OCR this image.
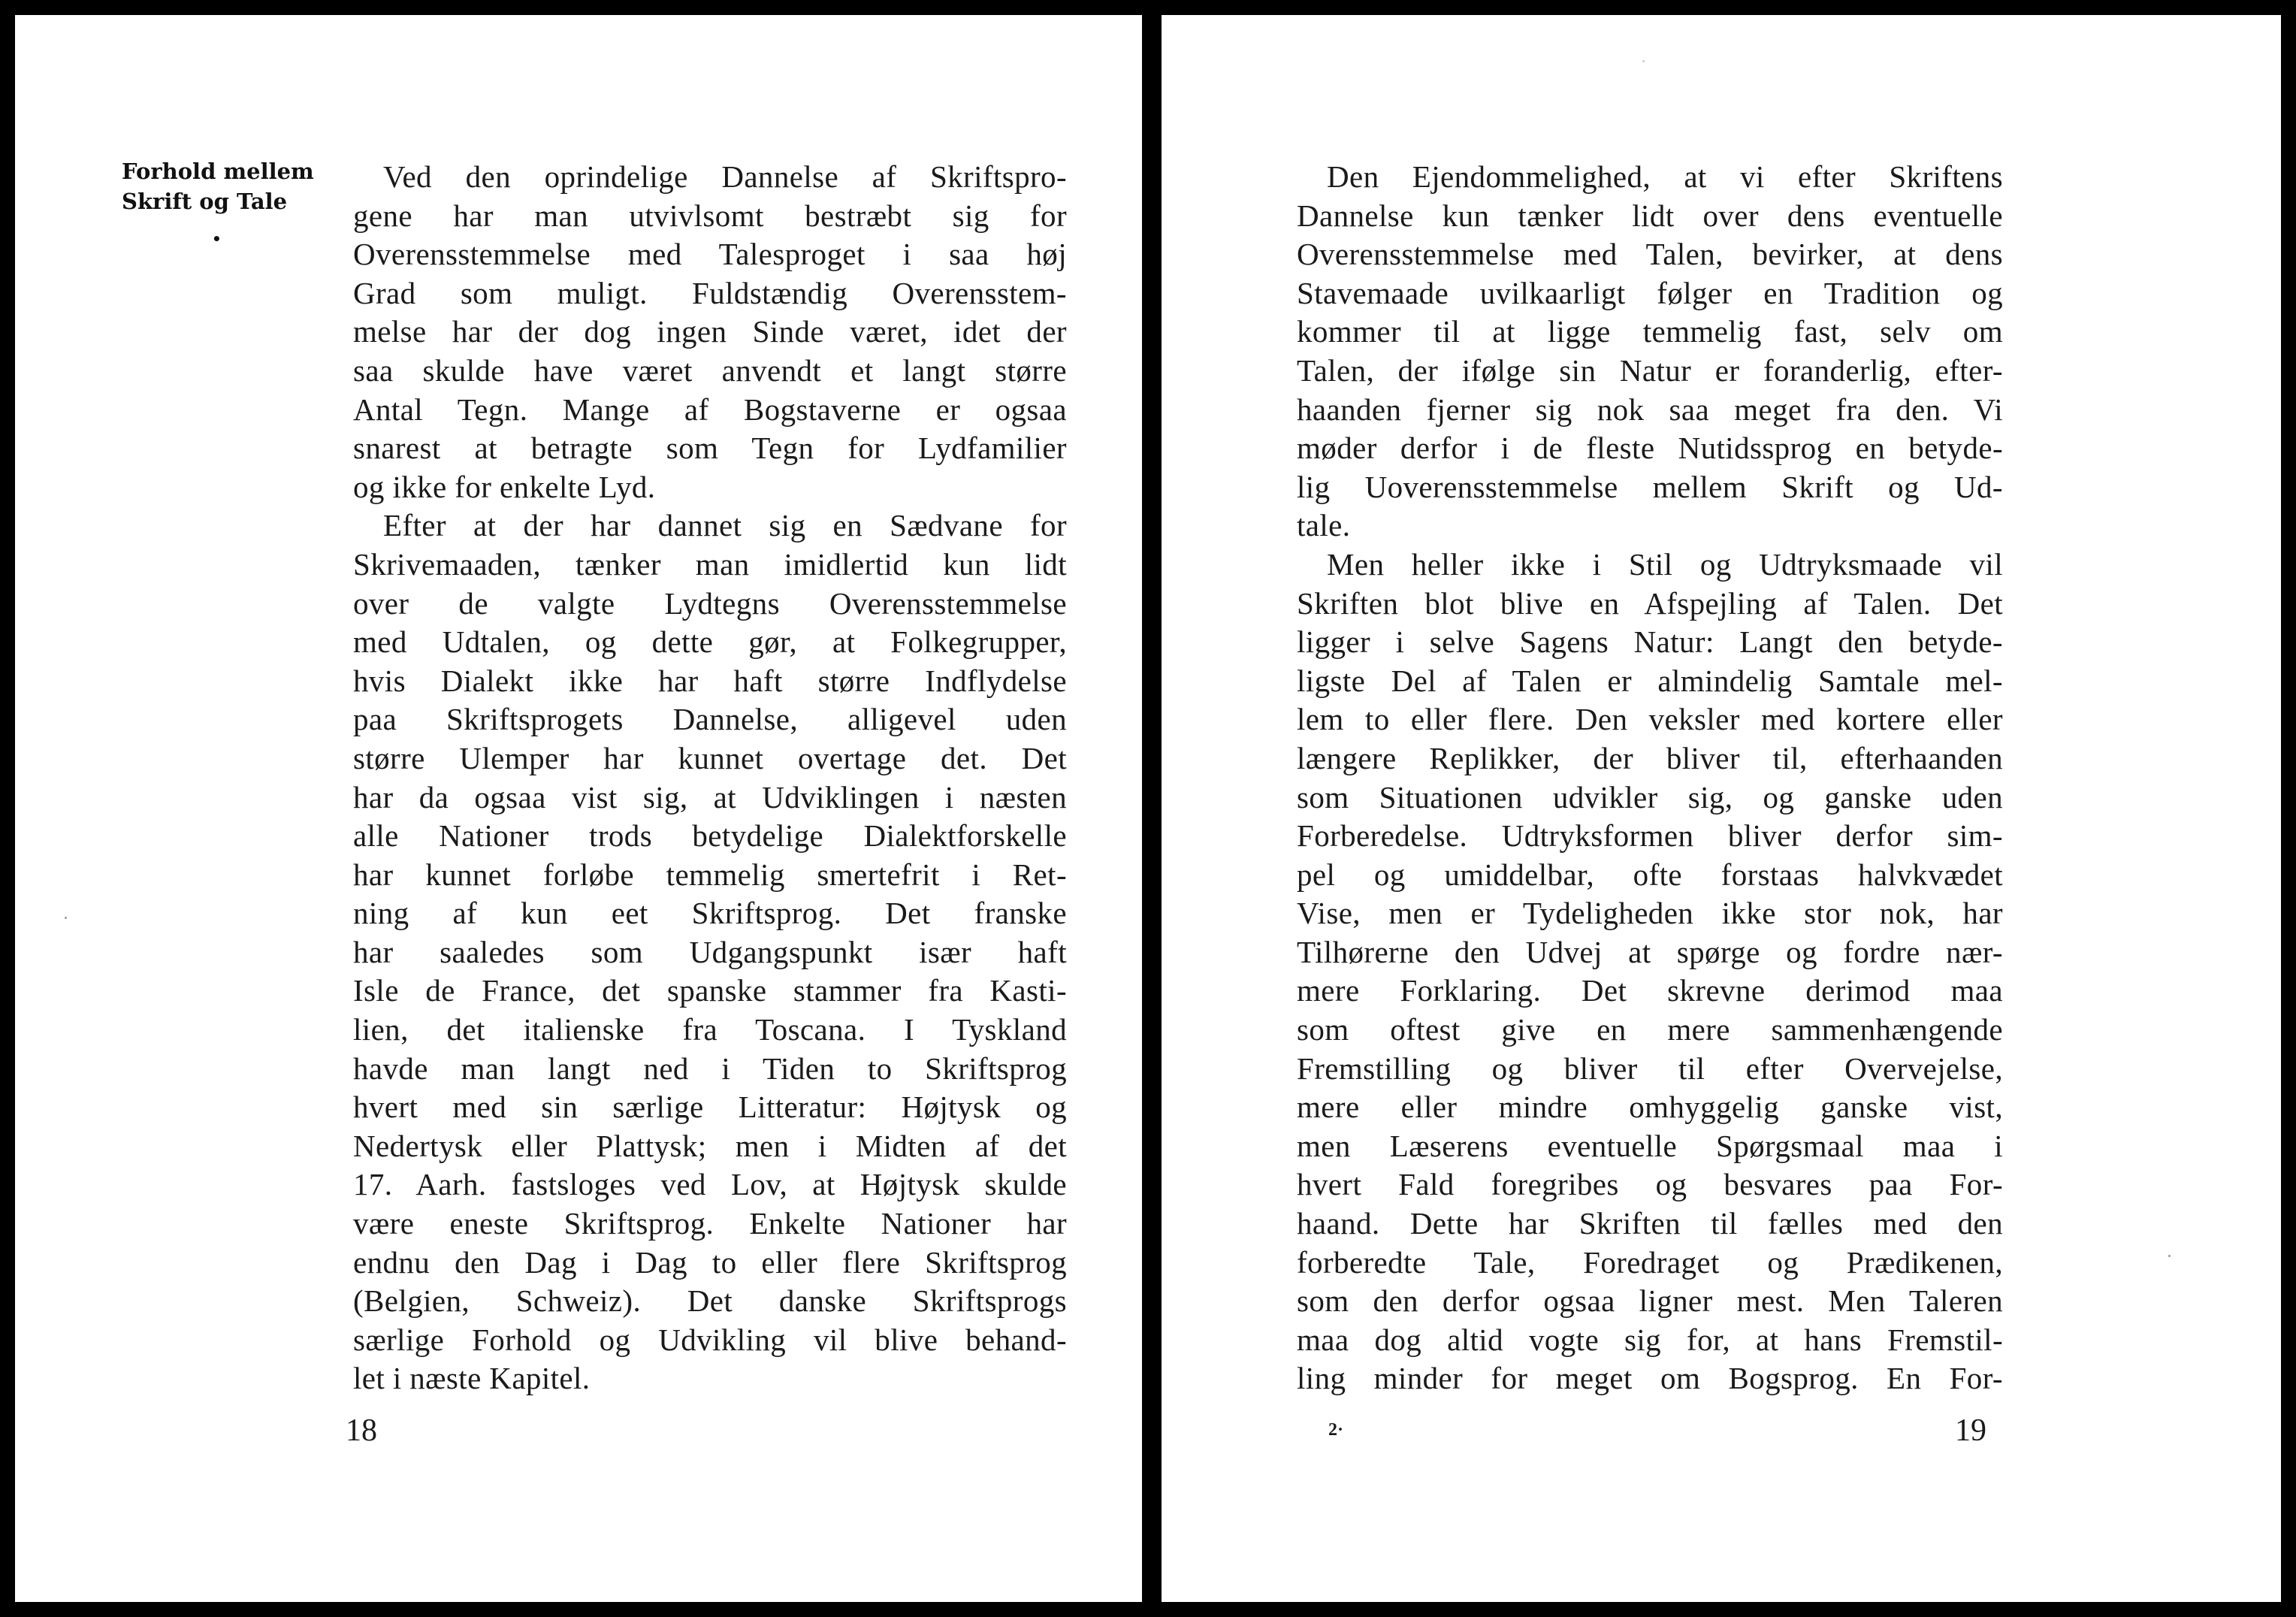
Forhold mellem
Skrift og Tale
•
Ved den oprindelige Dannelse af Skriftspro-
gene har man utvivlsomt bestræbt sig for
Overensstemmelse med Talesproget i saa høj
Grad som muligt. Fuldstændig Overensstem-
melse har der dog ingen Sinde været, idet der
saa skulde have været anvendt et langt større
Antal Tegn. Mange af Bogstaverne er ogsaa
snarest at betragte som Tegn for Lydfamilier
og ikke for enkelte Lyd.
Efter at der har dannet sig en Sædvane for
Skrivemaaden, tænker man imidlertid kun lidt
over de valgte Lydtegns Overensstemmelse
med Udtalen, og dette gør, at Folkegrupper,
hvis Dialekt ikke har haft større Indflydelse
paa Skriftsprogets Dannelse, alligevel uden
større Ulemper har kunnet overtage det. Det
har da ogsaa vist sig, at Udviklingen i næsten
alle Nationer trods betydelige Dialektforskelle
har kunnet forløbe temmelig smertefrit i Ret-
ning af kun eet Skriftsprog. Det franske
har saaledes som Udgangspunkt især haft
Isle de France, det spanske stammer fra Kasti-
lien, det italienske fra Toscana. I Tyskland
havde man langt ned i Tiden to Skriftsprog
hvert med sin særlige Litteratur: Højtysk og
Nedertysk eller Plattysk; men i Midten af det
17. Aarh. fastsloges ved Lov, at Højtysk skulde
være eneste Skriftsprog. Enkelte Nationer har
endnu den Dag i Dag to eller flere Skriftsprog
(Belgien, Schweiz). Det danske Skriftsprogs
særlige Forhold og Udvikling vil blive behand-
let i næste Kapitel.
18
Den Ejendommelighed, at vi efter Skriftens
Dannelse kun tænker lidt over dens eventuelle
Overensstemmelse med Talen, bevirker, at dens
Stavemaade uvilkaarligt følger en Tradition og
kommer til at ligge temmelig fast, selv om
Talen, der ifølge sin Natur er foranderlig, efter-
haanden fjerner sig nok saa meget fra den. Vi
møder derfor i de fleste Nutidssprog en betyde-
lig Uoverensstemmelse mellem Skrift og Ud-
tale.
Men heller ikke i Stil og Udtryksmaade vil
Skriften blot blive en Afspejling af Talen. Det
ligger i selve Sagens Natur: Langt den betyde-
ligste Del af Talen er almindelig Samtale mel-
lem to eller flere. Den veksler med kortere eller
længere Replikker, der bliver til, efterhaanden
som Situationen udvikler sig, og ganske uden
Forberedelse. Udtryksformen bliver derfor sim-
pel og umiddelbar, ofte forstaas halvkvædet
Vise, men er Tydeligheden ikke stor nok, har
Tilhørerne den Udvej at spørge og fordre nær-
mere Forklaring. Det skrevne derimod maa
som oftest give en mere sammenhængende
Fremstilling og bliver til efter Overvejelse,
mere eller mindre omhyggelig ganske vist,
men Læserens eventuelle Spørgsmaal maa i
hvert Fald foregribes og besvares paa For-
haand. Dette har Skriften til fælles med den
forberedte Tale, Foredraget og Prædikenen,
som den derfor ogsaa ligner mest. Men Taleren
maa dog altid vogte sig for, at hans Fremstil-
ling minder for meget om Bogsprog. En For-
2·	19
